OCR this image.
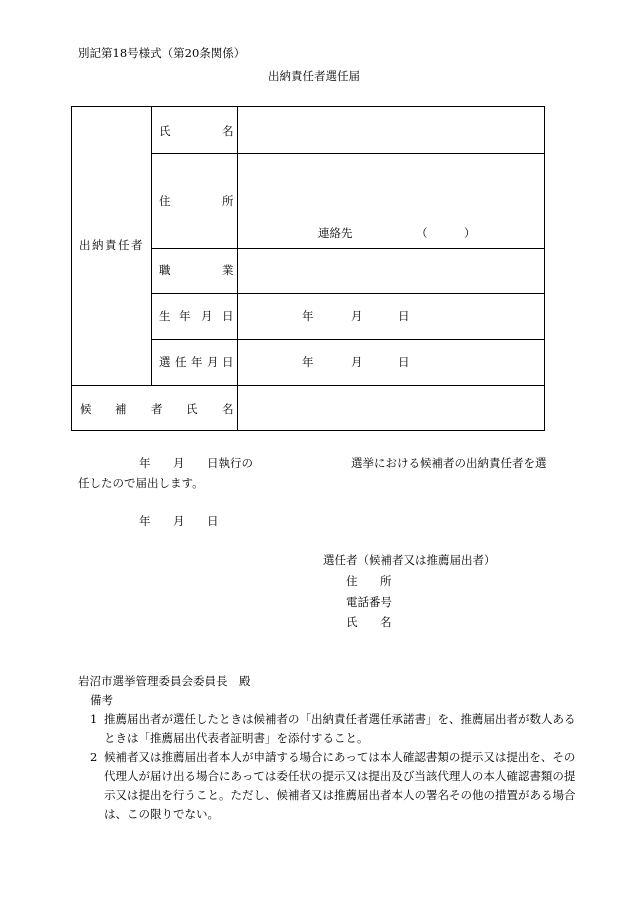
別記第18号様式（第20条関係）
出納責任者選任届
出納責任者
氏	名
住	所
連絡先	（	）
職	業
生 年 月 日	年	月	日
選 任 年 月 日	年	月	日
候 補 者 氏 名
年 月 日執行の	選挙における候補者の出納責任者を選
任したので届出します。
年 月 日
選任者（候補者又は推薦届出者）
住 所
電話番号
氏 名
岩沼市選挙管理委員会委員長　殿
備考
1 推薦届出者が選任したときは候補者の「出納責任者選任承諾書」を、推薦届出者が数人あるときは「推薦届出代表者証明書」を添付すること。
2 候補者又は推薦届出者本人が申請する場合にあっては本人確認書類の提示又は提出を、その代理人が届け出る場合にあっては委任状の提示又は提出及び当該代理人の本人確認書類の提示又は提出を行うこと。ただし、候補者又は推薦届出者本人の署名その他の措置がある場合は、この限りでない。
